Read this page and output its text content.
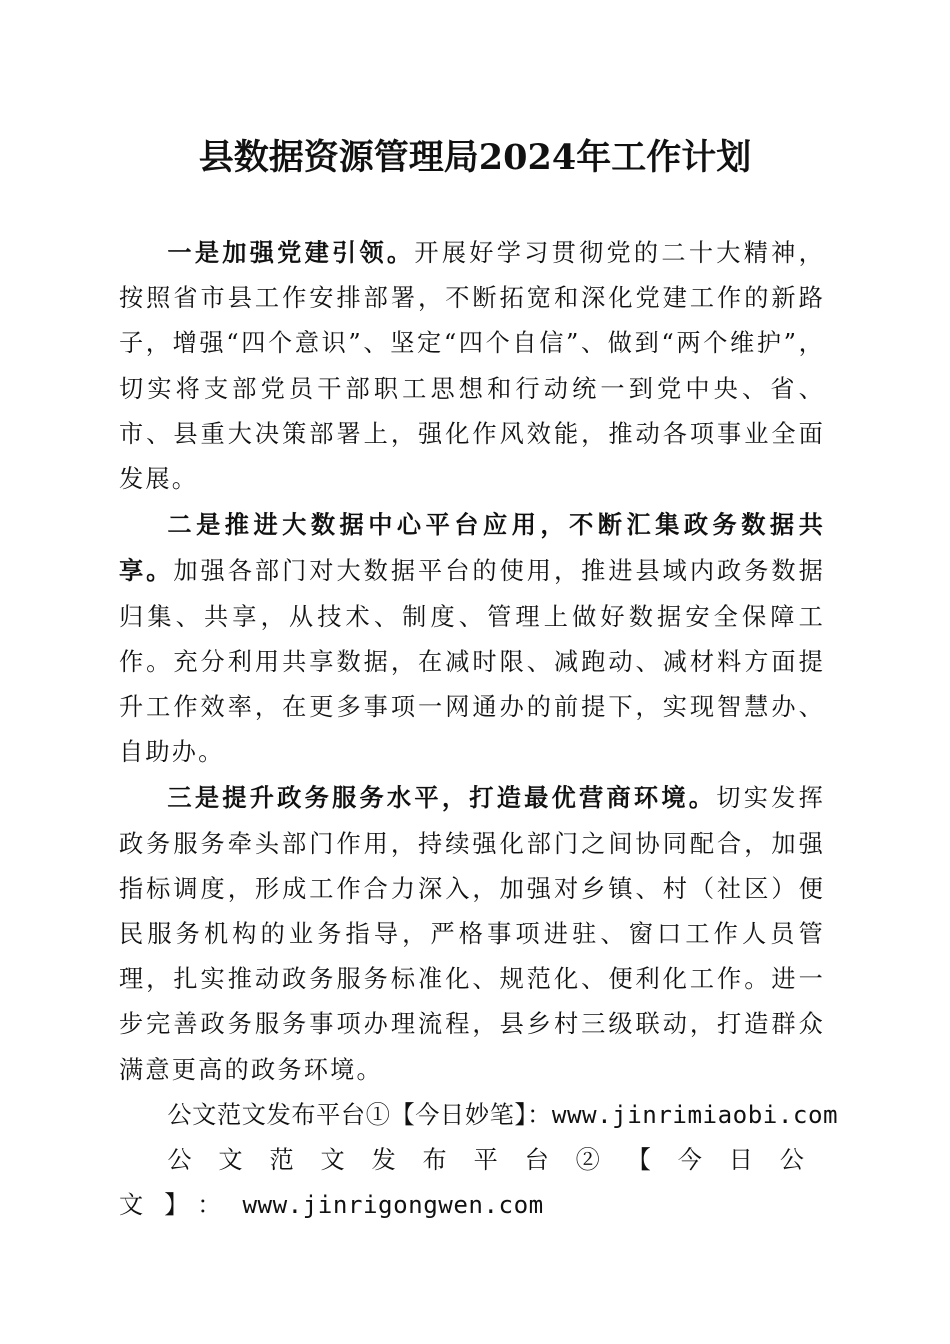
县数据资源管理局2024年工作计划

一是加强党建引领。开展好学习贯彻党的二十大精神，按照省市县工作安排部署，不断拓宽和深化党建工作的新路子，增强“四个意识”、坚定“四个自信”、做到“两个维护”，切实将支部党员干部职工思想和行动统一到党中央、省、市、县重大决策部署上，强化作风效能，推动各项事业全面发展。

二是推进大数据中心平台应用，不断汇集政务数据共享。加强各部门对大数据平台的使用，推进县域内政务数据归集、共享，从技术、制度、管理上做好数据安全保障工作。充分利用共享数据，在减时限、减跑动、减材料方面提升工作效率，在更多事项一网通办的前提下，实现智慧办、自助办。

三是提升政务服务水平，打造最优营商环境。切实发挥政务服务牵头部门作用，持续强化部门之间协同配合，加强指标调度，形成工作合力深入，加强对乡镇、村（社区）便民服务机构的业务指导，严格事项进驻、窗口工作人员管理，扎实推动政务服务标准化、规范化、便利化工作。进一步完善政务服务事项办理流程，县乡村三级联动，打造群众满意更高的政务环境。

公文范文发布平台①【今日妙笔】：www.jinrimiaobi.com

公文范文发布平台②【今日公文】：www.jinrigongwen.com
